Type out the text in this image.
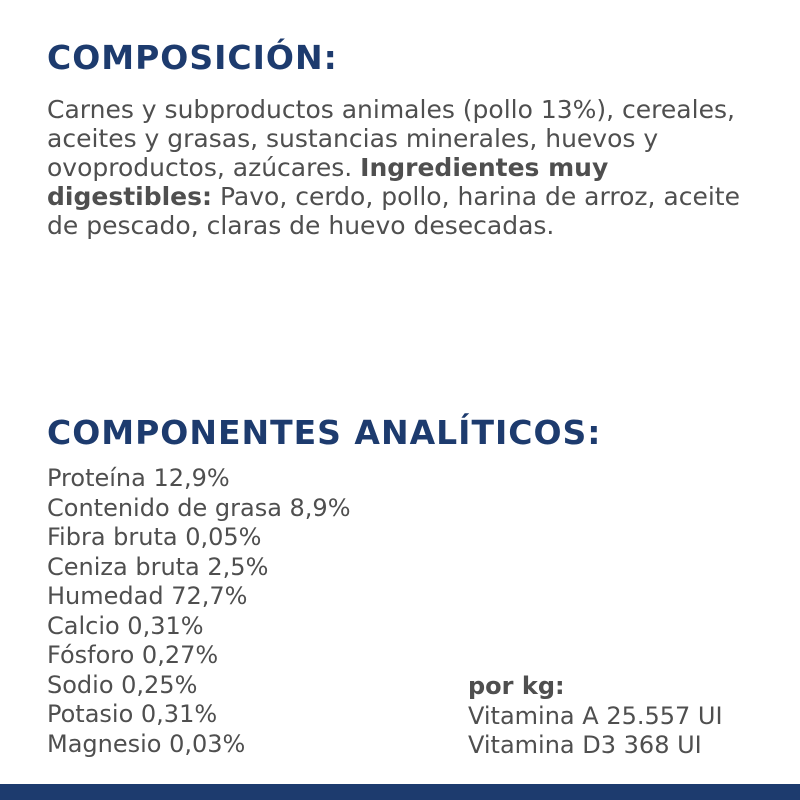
COMPOSICIÓN:

Carnes y subproductos animales (pollo 13%), cereales, aceites y grasas, sustancias minerales, huevos y ovoproductos, azúcares. Ingredientes muy digestibles: Pavo, cerdo, pollo, harina de arroz, aceite de pescado, claras de huevo desecadas.

COMPONENTES ANALÍTICOS:
Proteína 12,9%
Contenido de grasa 8,9%
Fibra bruta 0,05%
Ceniza bruta 2,5%
Humedad 72,7%
Calcio 0,31%
Fósforo 0,27%
Sodio 0,25%
Potasio 0,31%
Magnesio 0,03%
por kg:
Vitamina A 25.557 UI
Vitamina D3 368 UI
